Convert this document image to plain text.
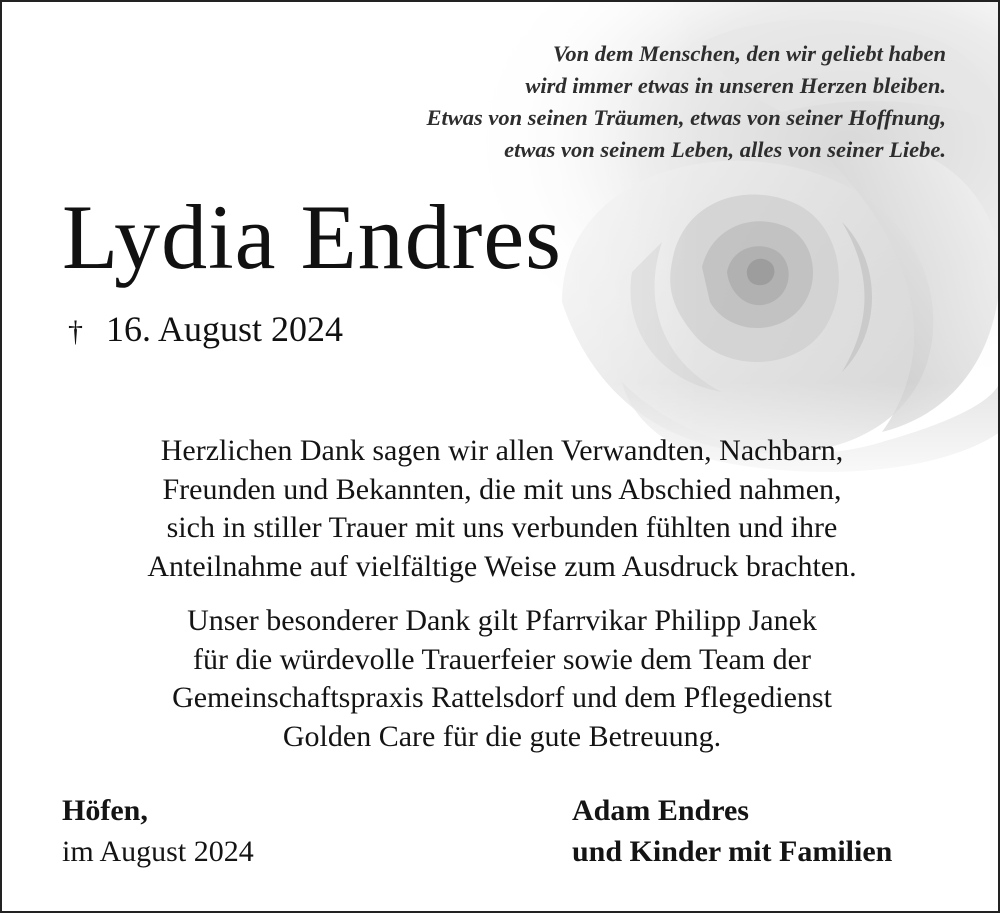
Von dem Menschen, den wir geliebt haben
wird immer etwas in unseren Herzen bleiben.
Etwas von seinen Träumen, etwas von seiner Hoffnung,
etwas von seinem Leben, alles von seiner Liebe.
Lydia Endres
† 16. August 2024
Herzlichen Dank sagen wir allen Verwandten, Nachbarn,
Freunden und Bekannten, die mit uns Abschied nahmen,
sich in stiller Trauer mit uns verbunden fühlten und ihre
Anteilnahme auf vielfältige Weise zum Ausdruck brachten.
Unser besonderer Dank gilt Pfarrvikar Philipp Janek
für die würdevolle Trauerfeier sowie dem Team der
Gemeinschaftspraxis Rattelsdorf und dem Pflegedienst
Golden Care für die gute Betreuung.
Höfen,
im August 2024
Adam Endres
und Kinder mit Familien
